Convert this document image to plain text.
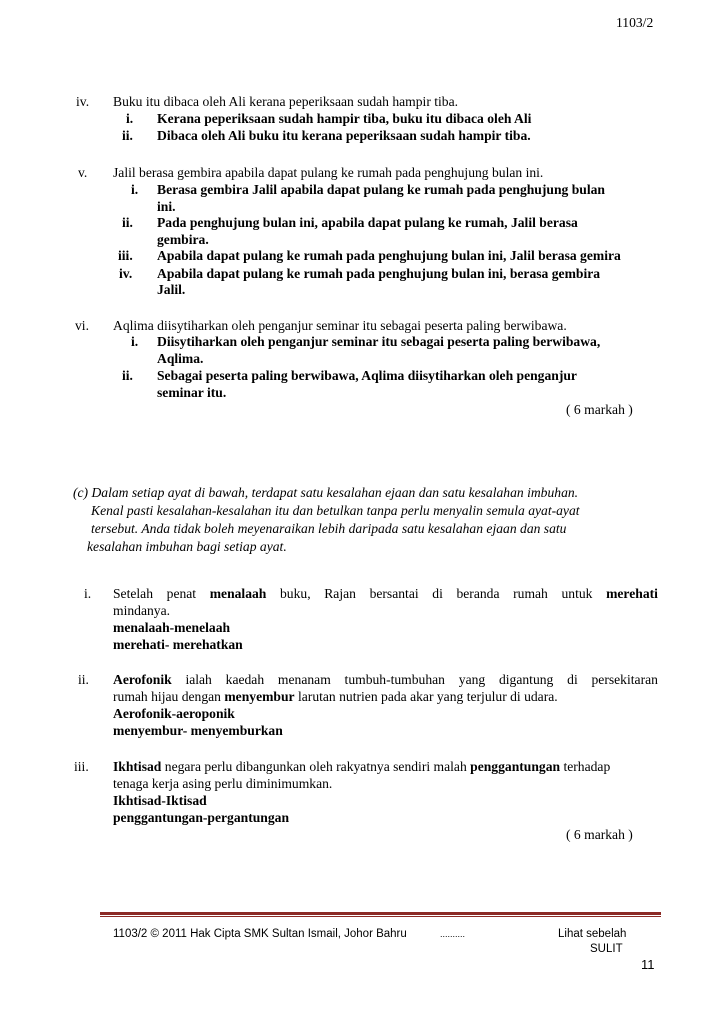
1103/2
iv. Buku itu dibaca oleh Ali kerana peperiksaan sudah hampir tiba.
i. Kerana peperiksaan sudah hampir tiba, buku itu dibaca oleh Ali
ii. Dibaca oleh Ali buku itu kerana peperiksaan sudah hampir tiba.
v. Jalil berasa gembira apabila dapat pulang ke rumah pada penghujung bulan ini.
i. Berasa gembira Jalil apabila dapat pulang ke rumah pada penghujung bulan
ini.
ii. Pada penghujung bulan ini, apabila dapat pulang ke rumah, Jalil berasa
gembira.
iii. Apabila dapat pulang ke rumah pada penghujung bulan ini, Jalil berasa gemira
iv. Apabila dapat pulang ke rumah pada penghujung bulan ini, berasa gembira
Jalil.
vi. Aqlima diisytiharkan oleh penganjur seminar itu sebagai peserta paling berwibawa.
i. Diisytiharkan oleh penganjur seminar itu sebagai peserta paling berwibawa,
Aqlima.
ii. Sebagai peserta paling berwibawa, Aqlima diisytiharkan oleh penganjur
seminar itu.
( 6 markah )
(c) Dalam setiap ayat di bawah, terdapat satu kesalahan ejaan dan satu kesalahan imbuhan.
Kenal pasti kesalahan-kesalahan itu dan betulkan tanpa perlu menyalin semula ayat-ayat
tersebut. Anda tidak boleh meyenaraikan lebih daripada satu kesalahan ejaan dan satu
kesalahan imbuhan bagi setiap ayat.
i. Setelah penat menalaah buku, Rajan bersantai di beranda rumah untuk merehati
mindanya.
menalaah-menelaah
merehati- merehatkan
ii. Aerofonik ialah kaedah menanam tumbuh-tumbuhan yang digantung di persekitaran
rumah hijau dengan menyembur larutan nutrien pada akar yang terjulur di udara.
Aerofonik-aeroponik
menyembur- menyemburkan
iii. Ikhtisad negara perlu dibangunkan oleh rakyatnya sendiri malah penggantungan terhadap
tenaga kerja asing perlu diminimumkan.
Ikhtisad-Iktisad
penggantungan-pergantungan
( 6 markah )
1103/2 © 2011 Hak Cipta SMK Sultan Ismail, Johor Bahru	..........	Lihat sebelah
SULIT
11
